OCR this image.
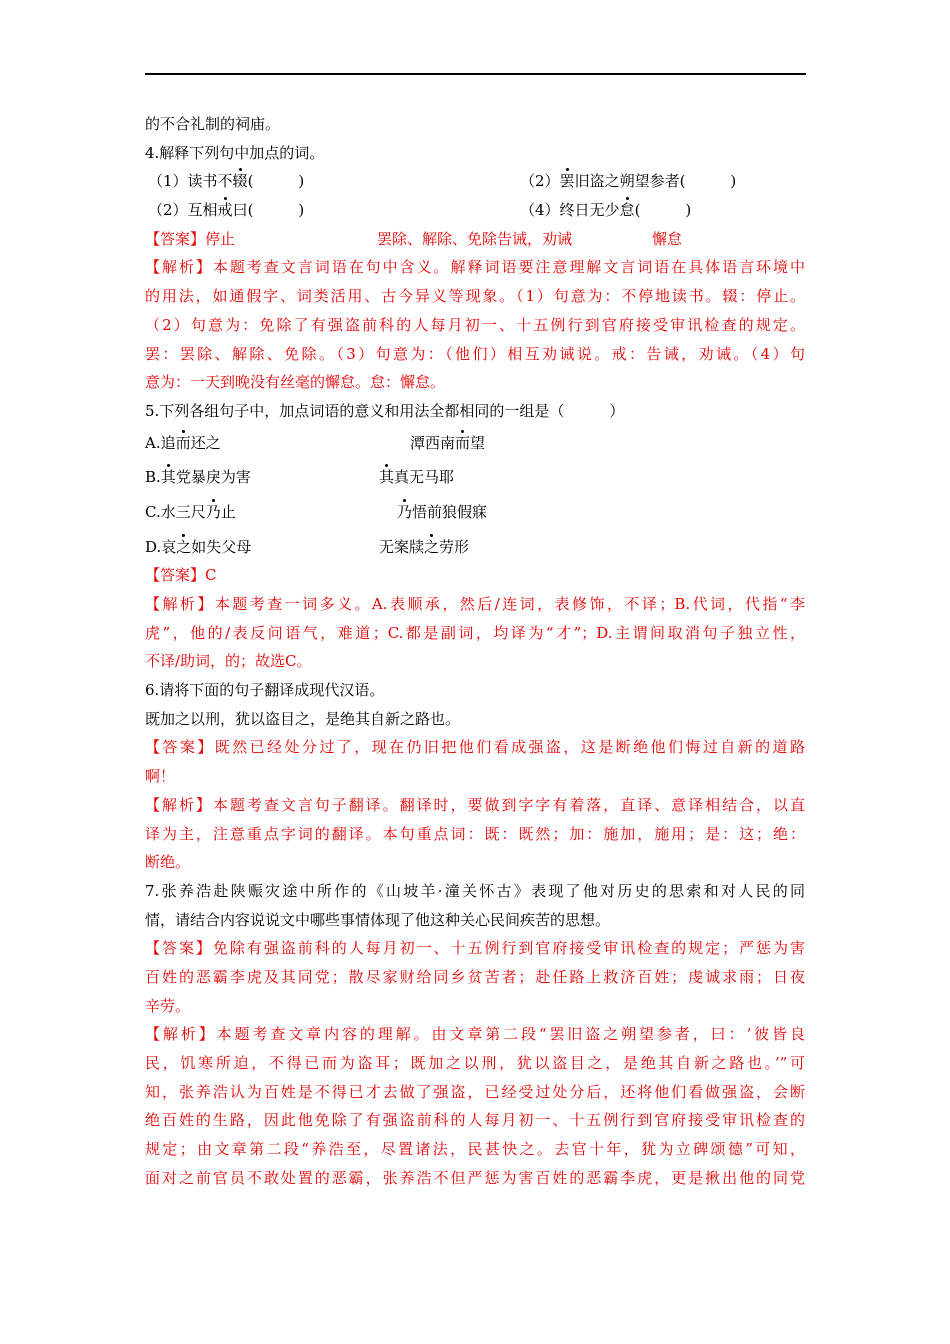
的不合礼制的祠庙。
4.解释下列句中加点的词。
（1）读书不辍(　　　)	（2）罢旧盗之朔望参者(　　　)
（2）互相戒曰(　　　)	（4）终日无少怠(　　　)
【答案】 停止	罢除、解除、免除 告诫，劝诫	懈怠
【解析】本题考查文言词语在句中含义。解释词语要注意理解文言词语在具体语言环境中
的用法，如通假字、词类活用、古今异义等现象。（1）句意为：不停地读书。辍：停止。
（2）句意为：免除了有强盗前科的人每月初一、十五例行到官府接受审讯检查的规定。
罢：罢除、解除、免除。（3）句意为：（他们）相互劝诫说。戒：告诫，劝诫。（4）句
意为：一天到晚没有丝毫的懈怠。怠：懈怠。
5.下列各组句子中，加点词语的意义和用法全都相同的一组是（　　　）
A.追而还之	潭西南而望
B.其党暴戾为害	其真无马耶
C.水三尺乃止	乃悟前狼假寐
D.哀之如失父母	无案牍之劳形
【答案】C
【解析】本题考查一词多义。A.表顺承，然后/连词，表修饰，不译；B.代词，代指“李
虎”，他的/表反问语气，难道；C.都是副词，均译为“才”；D.主谓间取消句子独立性，
不译/助词，的；故选C。
6.请将下面的句子翻译成现代汉语。
既加之以刑，犹以盗目之，是绝其自新之路也。
【答案】既然已经处分过了，现在仍旧把他们看成强盗，这是断绝他们悔过自新的道路
啊！
【解析】本题考查文言句子翻译。翻译时，要做到字字有着落，直译、意译相结合，以直
译为主，注意重点字词的翻译。本句重点词：既：既然；加：施加，施用；是：这；绝：
断绝。
7.张养浩赴陕赈灾途中所作的《山坡羊·潼关怀古》表现了他对历史的思索和对人民的同
情，请结合内容说说文中哪些事情体现了他这种关心民间疾苦的思想。
【答案】免除有强盗前科的人每月初一、十五例行到官府接受审讯检查的规定；严惩为害
百姓的恶霸李虎及其同党；散尽家财给同乡贫苦者；赴任路上救济百姓；虔诚求雨；日夜
辛劳。
【解析】本题考查文章内容的理解。由文章第二段“罢旧盗之朔望参者，曰：‘彼皆良
民，饥寒所迫，不得已而为盗耳；既加之以刑，犹以盗目之，是绝其自新之路也。’”可
知，张养浩认为百姓是不得已才去做了强盗，已经受过处分后，还将他们看做强盗，会断
绝百姓的生路，因此他免除了有强盗前科的人每月初一、十五例行到官府接受审讯检查的
规定；由文章第二段“养浩至，尽置诸法，民甚快之。去官十年，犹为立碑颂德”可知，
面对之前官员不敢处置的恶霸，张养浩不但严惩为害百姓的恶霸李虎，更是揪出他的同党
